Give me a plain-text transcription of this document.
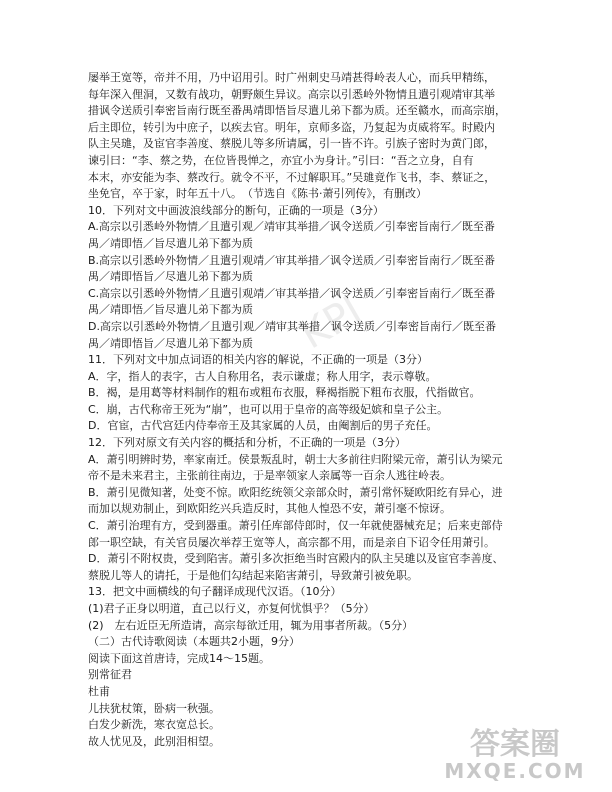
KPI

屡举王宽等，帝并不用，乃中诏用引。时广州刺史马靖甚得岭表人心，而兵甲精练，

每年深入俚洞，又数有战功，朝野颇生异议。高宗以引悉岭外物情且遣引观靖审其举

措讽令送质引奉密旨南行既至番禺靖即悟旨尽遣儿弟下都为质。还至赣水，而高宗崩，

后主即位，转引为中庶子，以疾去官。明年，京师多盗，乃复起为贞威将军。时殿内

队主吴璡，及宦官李善度、蔡脱儿等多所请属，引一皆不许。引族子密时为黄门郎，

谏引曰：“李、蔡之势，在位皆畏惮之，亦宜小为身计。”引曰：“吾之立身，自有

本末，亦安能为李、蔡改行。就令不平，不过解职耳。”吴璡竟作飞书，李、蔡证之，

坐免官，卒于家，时年五十八。　（节选自《陈书·萧引列传》，有删改）

10．下列对文中画波浪线部分的断句，正确的一项是（3分）

A.高宗以引悉岭外物情／且遣引观／靖审其举措／讽令送质／引奉密旨南行／既至番

禺／靖即悟／旨尽遣儿弟下都为质

B.高宗以引悉岭外物情／且遣引观靖／审其举措／讽令送质／引奉密旨南行／既至番

禺／靖即悟旨／尽遣儿弟下都为质

C.高宗以引悉岭外物情／且遣引观靖／审其举措／讽令送质／引奉密旨南行／既至番

禺／靖即悟／旨尽遣儿弟下都为质

D.高宗以引悉岭外物情／且遣引观／靖审其举措／讽令送质／引奉密旨南行／既至番

禺／靖即悟旨／尽遣儿弟下都为质

11．下列对文中加点词语的相关内容的解说，不正确的一项是（3分）

A．字，指人的表字，古人自称用名，表示谦虚；称人用字，表示尊敬。

B．褐，是用葛等材料制作的粗布或粗布衣服，释褐指脱下粗布衣服，代指做官。

C．崩，古代称帝王死为“崩”，也可以用于皇帝的高等级妃嫔和皇子公主。

D．官宦，古代宫廷内侍奉帝王及其家属的人员，由阉割后的男子充任。

12．下列对原文有关内容的概括和分析，不正确的一项是（3分）

A．萧引明辨时势，率家南迁。侯景叛乱时，朝士大多前往归附梁元帝，萧引认为梁元

帝不是未来君主，主张前往南边，于是率领家人亲属等一百余人逃往岭表。

B．萧引见微知著，处变不惊。欧阳纥统领父亲部众时，萧引常怀疑欧阳纥有异心，进

而加以规劝制止，到欧阳纥兴兵造反时，其他人惶恐不安，萧引毫不惊讶。

C．萧引治理有方，受到器重。萧引任库部侍郎时，仅一年就使器械充足；后来吏部侍

郎一职空缺，有关官员屡次举荐王宽等人，高宗都不用，而是亲自下诏令任用萧引。

D．萧引不附权贵，受到陷害。萧引多次拒绝当时宫殿内的队主吴璡以及宦官李善度、

蔡脱儿等人的请托，于是他们勾结起来陷害萧引，导致萧引被免职。

13．把文中画横线的句子翻译成现代汉语。（10分）

(1)君子正身以明道，直己以行义，亦复何忧惧乎？（5分）

(2)　左右近臣无所造请，高宗每欲迁用，辄为用事者所裁。（5分）

（二）古代诗歌阅读（本题共2小题，9分）

阅读下面这首唐诗，完成14～15题。

别常征君

杜甫

儿扶犹杖策，卧病一秋强。

白发少新洗，寒衣宽总长。

故人忧见及，此别泪相望。	答案圈
MXQE.COM
